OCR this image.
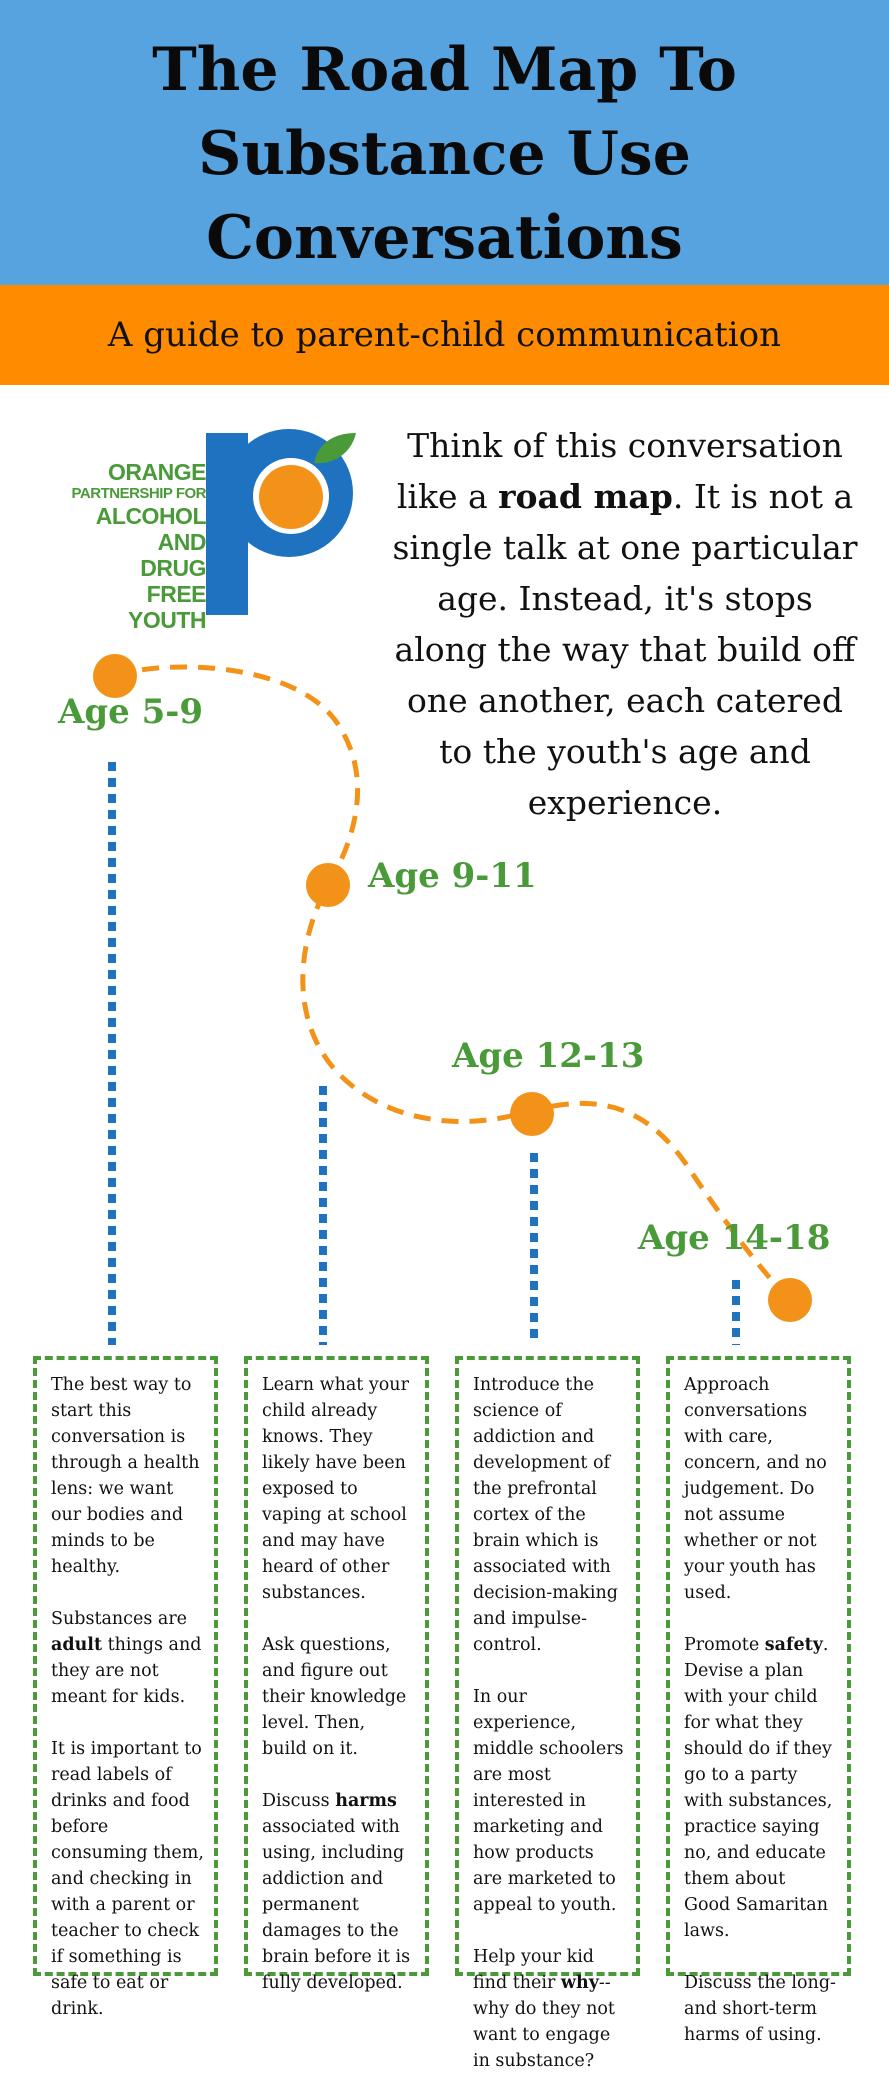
The Road Map To
Substance Use
Conversations
A guide to parent-child communication
ORANGE
PARTNERSHIP FOR
ALCOHOL
AND
DRUG
FREE
YOUTH

Think of this conversation like a road map. It is not a single talk at one particular age. Instead, it's stops along the way that build off one another, each catered to the youth's age and experience.

Age 5-9
Age 9-11
Age 12-13
Age 14-18

The best way to start this conversation is through a health lens: we want our bodies and minds to be healthy.

Substances are adult things and they are not meant for kids.

It is important to read labels of drinks and food before consuming them, and checking in with a parent or teacher to check if something is safe to eat or drink.

Learn what your child already knows. They likely have been exposed to vaping at school and may have heard of other substances.

Ask questions, and figure out their knowledge level. Then, build on it.

Discuss harms associated with using, including addiction and permanent damages to the brain before it is fully developed.

Introduce the science of addiction and development of the prefrontal cortex of the brain which is associated with decision-making and impulse-control.

In our experience, middle schoolers are most interested in marketing and how products are marketed to appeal to youth.

Help your kid find their why--why do they not want to engage in substance?

Approach conversations with care, concern, and no judgement. Do not assume whether or not your youth has used.

Promote safety. Devise a plan with your child for what they should do if they go to a party with substances, practice saying no, and educate them about Good Samaritan laws.

Discuss the long- and short-term harms of using.
